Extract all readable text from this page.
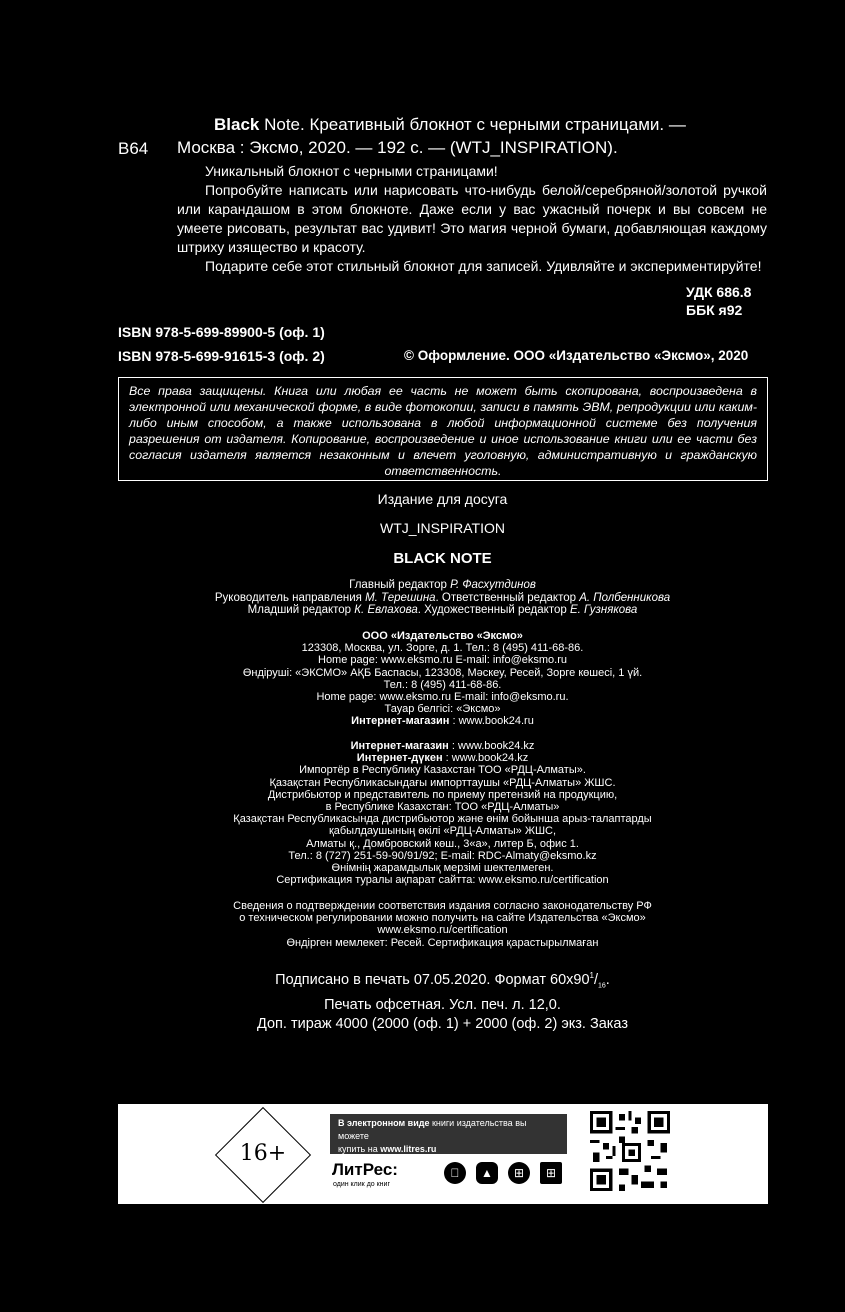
Black Note. Креативный блокнот с черными страницами. —
В64 Москва : Эксмо, 2020. — 192 с. — (WTJ_INSPIRATION).

Уникальный блокнот с черными страницами!

Попробуйте написать или нарисовать что-нибудь белой/серебряной/золотой ручкой или карандашом в этом блокноте. Даже если у вас ужасный почерк и вы совсем не умеете рисовать, результат вас удивит! Это магия черной бумаги, добавляющая каждому штриху изящество и красоту.

Подарите себе этот стильный блокнот для записей. Удивляйте и экспериментируйте!

УДК 686.8
ББК я92
ISBN 978-5-699-89900-5 (оф. 1)
ISBN 978-5-699-91615-3 (оф. 2)	© Оформление. ООО «Издательство «Эксмо», 2020
Все права защищены. Книга или любая ее часть не может быть скопирована, воспроизведена в электронной или механической форме, в виде фотокопии, записи в память ЭВМ, репродукции или каким-либо иным способом, а также использована в любой информационной системе без получения разрешения от издателя. Копирование, воспроизведение и иное использование книги или ее части без согласия издателя является незаконным и влечет уголовную, административную и гражданскую ответственность.
Издание для досуга
WTJ_INSPIRATION
BLACK NOTE
Главный редактор Р. Фасхутдинов
Руководитель направления М. Терешина. Ответственный редактор А. Полбенникова
Младший редактор К. Евлахова. Художественный редактор Е. Гузнякова
ООО «Издательство «Эксмо»
123308, Москва, ул. Зорге, д. 1. Тел.: 8 (495) 411-68-86.
Home page: www.eksmo.ru E-mail: info@eksmo.ru
Өндіруші: «ЭКСМО» АҚБ Баспасы, 123308, Мәскеу, Ресей, Зорге көшесі, 1 үй.
Тел.: 8 (495) 411-68-86.
Home page: www.eksmo.ru E-mail: info@eksmo.ru.
Тауар белгісі: «Эксмо»
Интернет-магазин : www.book24.ru
Интернет-магазин : www.book24.kz
Интернет-дүкен : www.book24.kz
Импортёр в Республику Казахстан ТОО «РДЦ-Алматы».
Қазақстан Республикасындағы импорттаушы «РДЦ-Алматы» ЖШС.
Дистрибьютор и представитель по приему претензий на продукцию,
в Республике Казахстан: ТОО «РДЦ-Алматы»
Қазақстан Республикасында дистрибьютор және өнім бойынша арыз-талаптарды
қабылдаушының өкілі «РДЦ-Алматы» ЖШС,
Алматы қ., Домбровский көш., 3«а», литер Б, офис 1.
Тел.: 8 (727) 251-59-90/91/92; E-mail: RDC-Almaty@eksmo.kz
Өнімнің жарамдылық мерзімі шектелмеген.
Сертификация туралы ақпарат сайтта: www.eksmo.ru/certification
Сведения о подтверждении соответствия издания согласно законодательству РФ
о техническом регулировании можно получить на сайте Издательства «Эксмо»
www.eksmo.ru/certification
Өндірген мемлекет: Ресей. Сертификация қарастырылмаған
Подписано в печать 07.05.2020. Формат $60x90^1/_{16}$.
Печать офсетная. Усл. печ. л. 12,0.
Доп. тираж 4000 (2000 (оф. 1) + 2000 (оф. 2) экз. Заказ
16+
В электронном виде книги издательства вы можете
купить на www.litres.ru
ЛитРес:
один клик до книг
▲	⊞	⊞
